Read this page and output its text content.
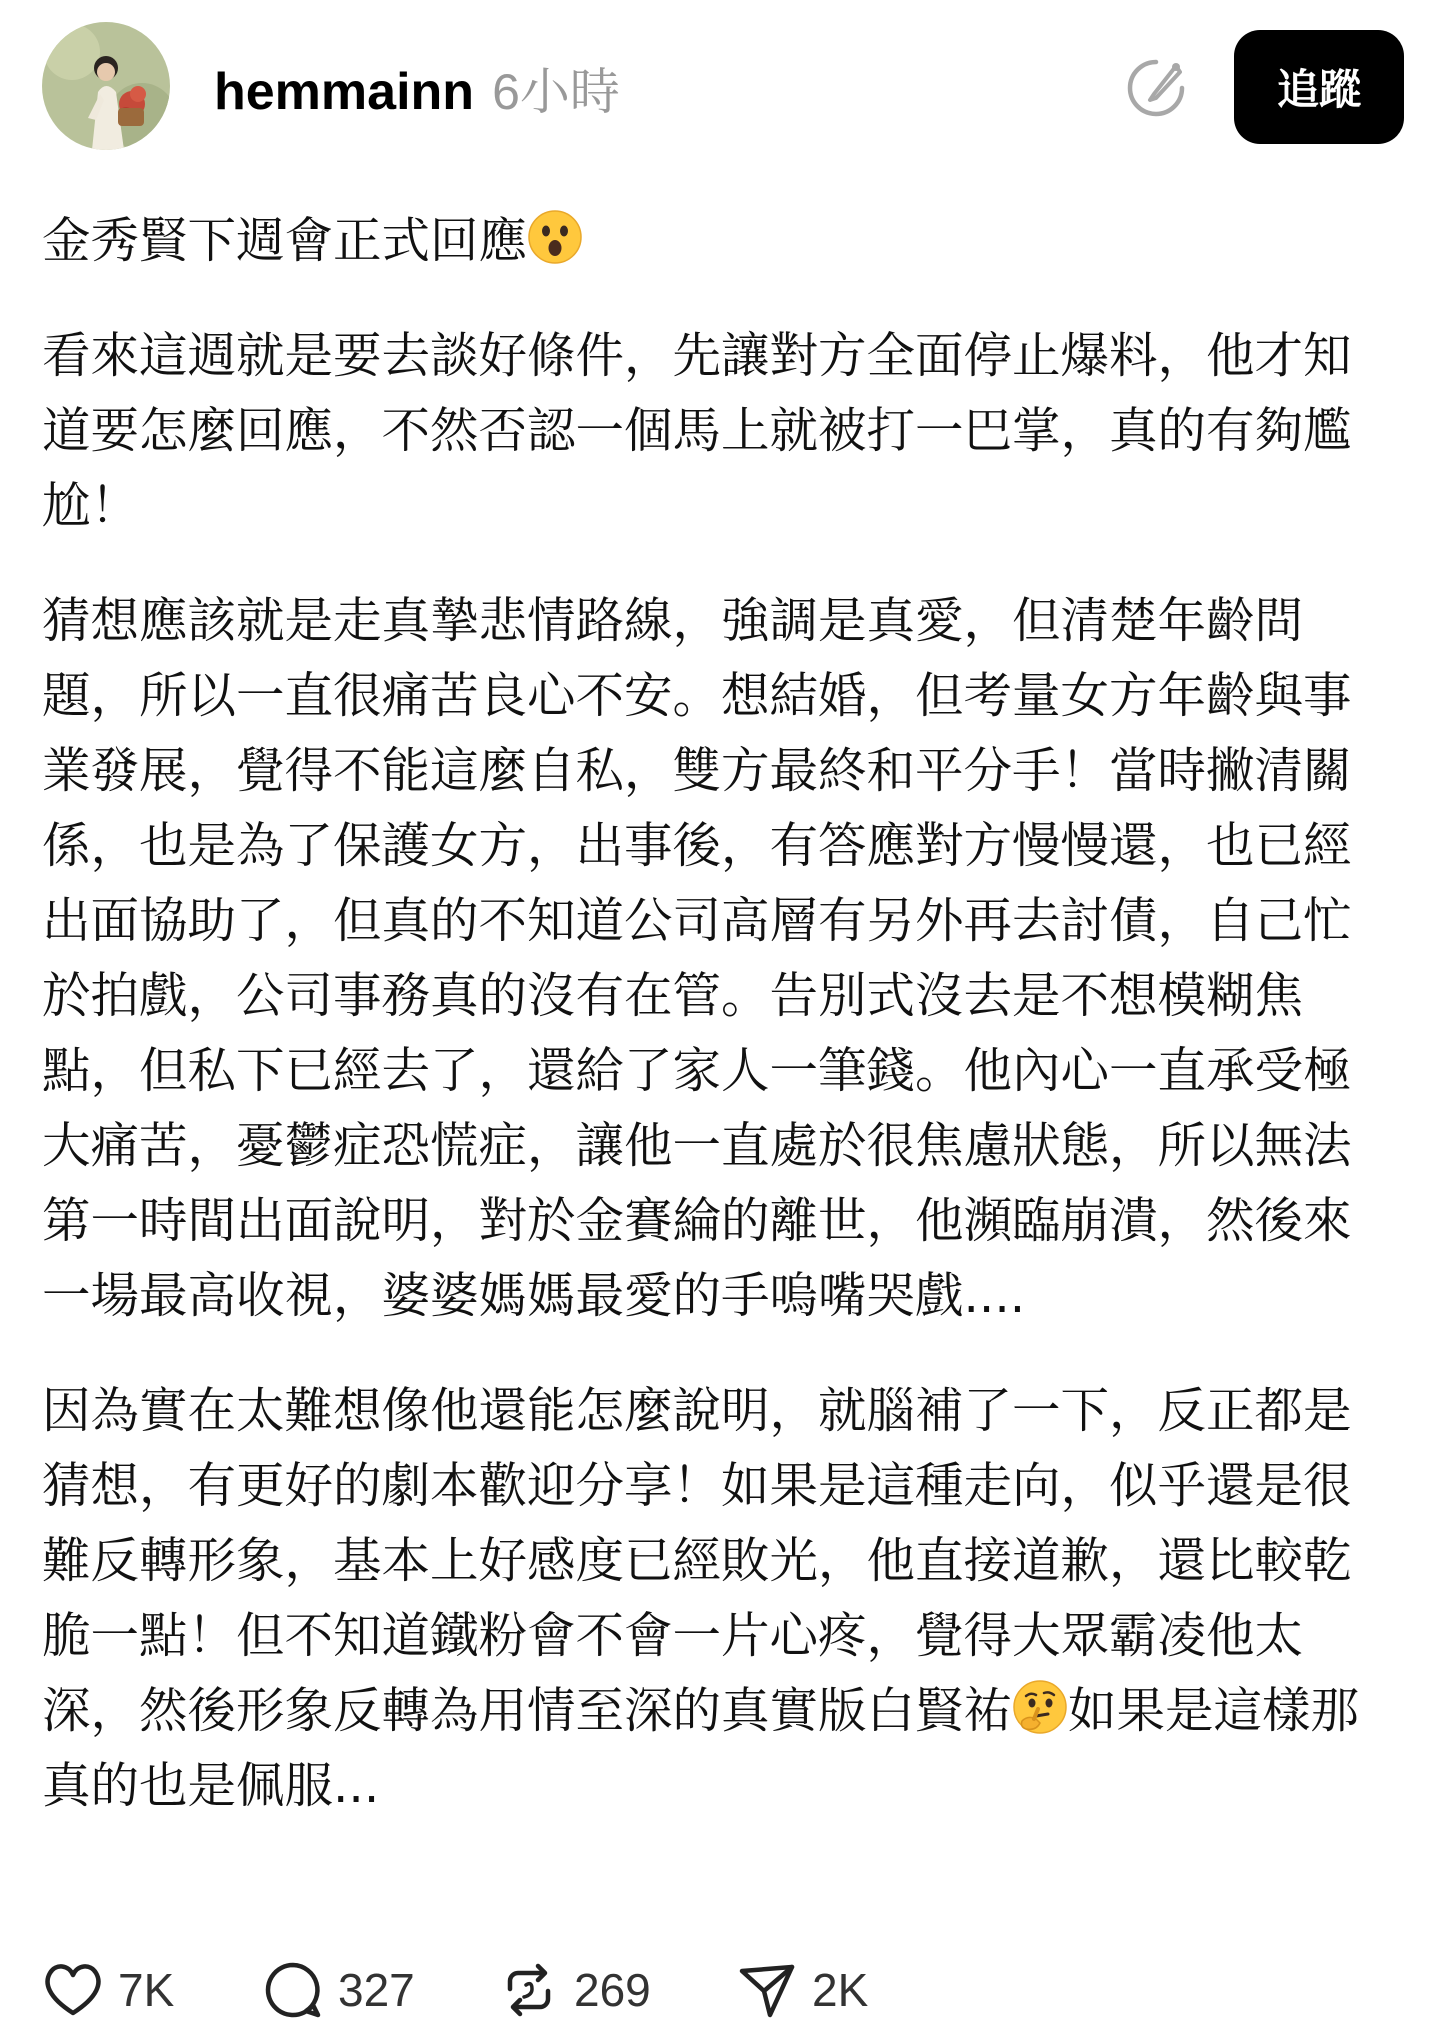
hemmainn 6小時	追蹤

金秀賢下週會正式回應

看來這週就是要去談好條件，先讓對方全面停止爆料，他才知道要怎麼回應，不然否認一個馬上就被打一巴掌，真的有夠尷尬！

猜想應該就是走真摯悲情路線，強調是真愛，但清楚年齡問題，所以一直很痛苦良心不安。想結婚，但考量女方年齡與事業發展，覺得不能這麼自私，雙方最終和平分手！當時撇清關係，也是為了保護女方，出事後，有答應對方慢慢還，也已經出面協助了，但真的不知道公司高層有另外再去討債，自己忙於拍戲，公司事務真的沒有在管。告別式沒去是不想模糊焦點，但私下已經去了，還給了家人一筆錢。他內心一直承受極大痛苦，憂鬱症恐慌症，讓他一直處於很焦慮狀態，所以無法第一時間出面說明，對於金賽綸的離世，他瀕臨崩潰，然後來一場最高收視，婆婆媽媽最愛的手嗚嘴哭戲....

因為實在太難想像他還能怎麼說明，就腦補了一下，反正都是猜想，有更好的劇本歡迎分享！如果是這種走向，似乎還是很難反轉形象，基本上好感度已經敗光，他直接道歉，還比較乾脆一點！但不知道鐵粉會不會一片心疼，覺得大眾霸凌他太深，然後形象反轉為用情至深的真實版白賢祐 如果是這樣那真的也是佩服...

7K	327	269	2K
